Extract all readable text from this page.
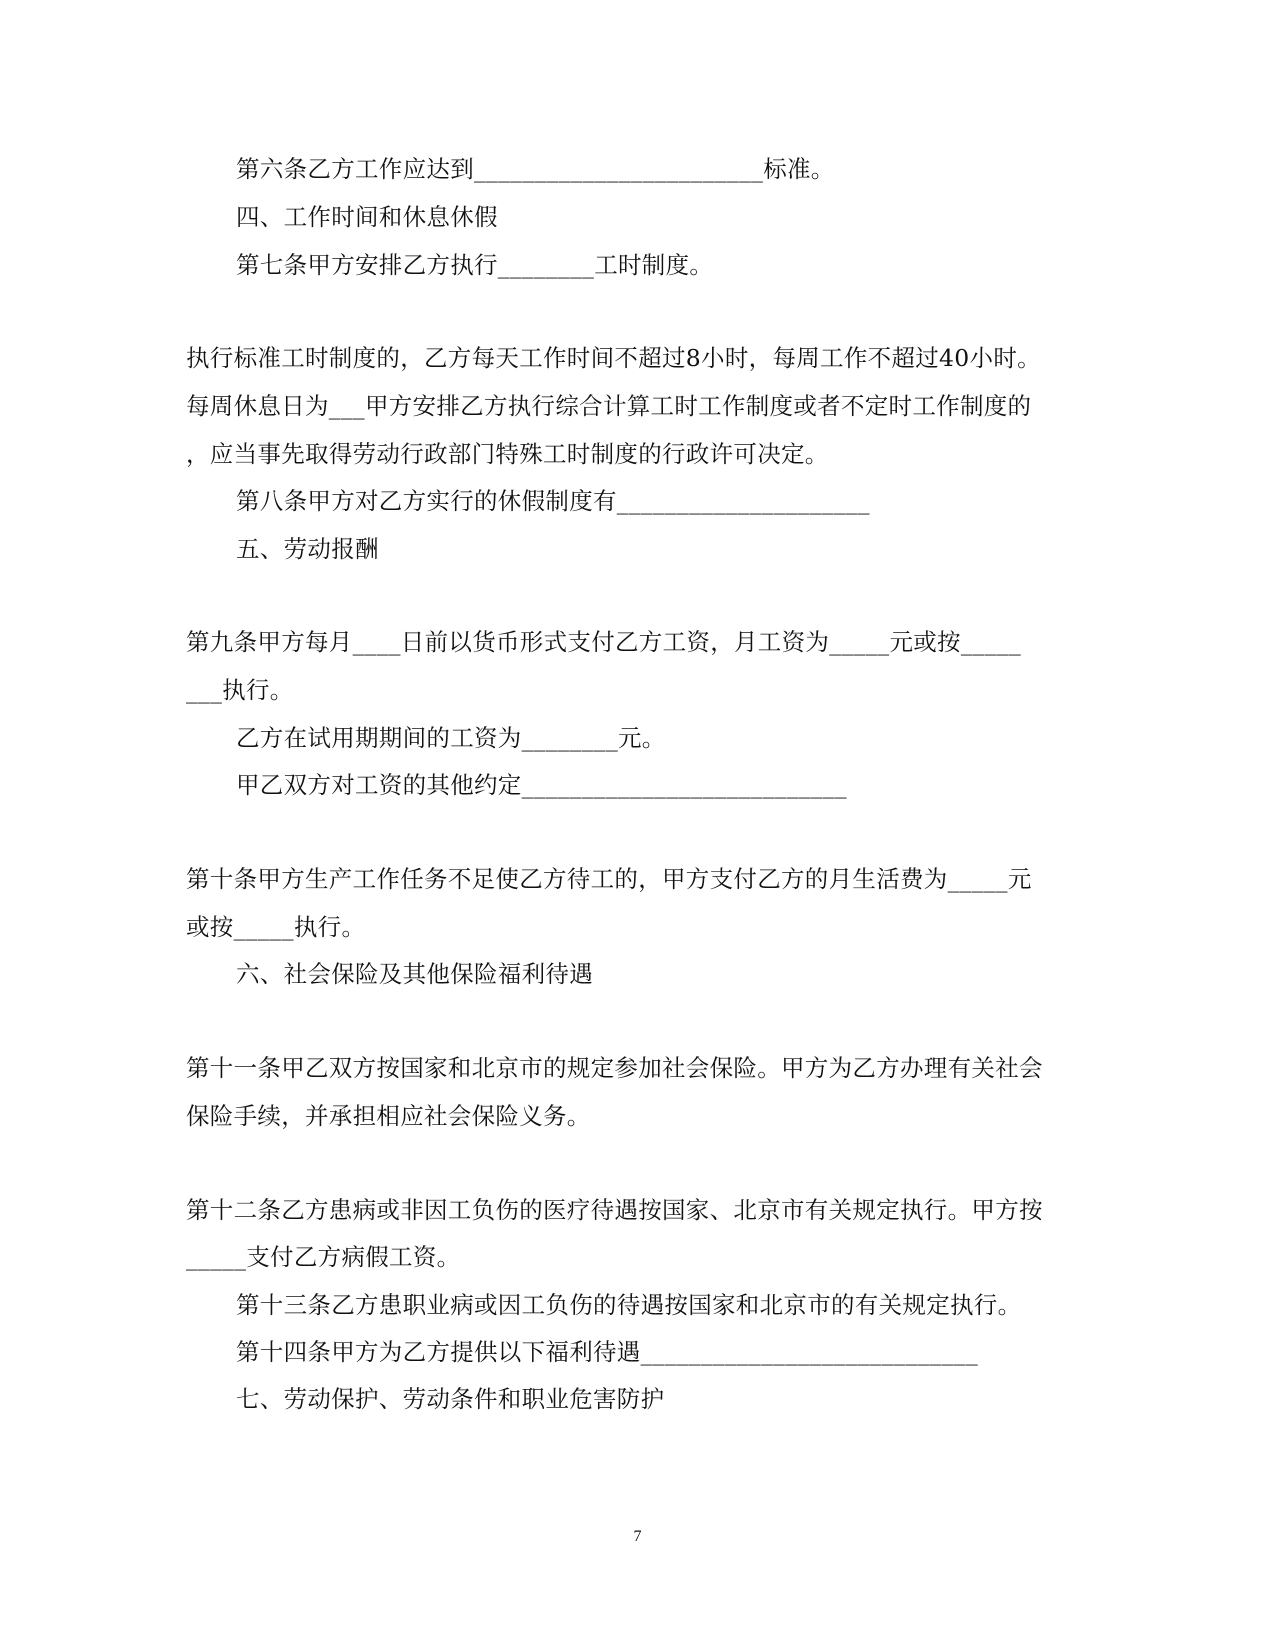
第六条乙方工作应达到________________________标准。
四、工作时间和休息休假
第七条甲方安排乙方执行________工时制度。
执行标准工时制度的，乙方每天工作时间不超过8小时，每周工作不超过40小时。
每周休息日为___甲方安排乙方执行综合计算工时工作制度或者不定时工作制度的
，应当事先取得劳动行政部门特殊工时制度的行政许可决定。
第八条甲方对乙方实行的休假制度有_____________________
五、劳动报酬
第九条甲方每月____日前以货币形式支付乙方工资，月工资为_____元或按_____
___执行。
乙方在试用期期间的工资为________元。
甲乙双方对工资的其他约定___________________________
第十条甲方生产工作任务不足使乙方待工的，甲方支付乙方的月生活费为_____元
或按_____执行。
六、社会保险及其他保险福利待遇
第十一条甲乙双方按国家和北京市的规定参加社会保险。甲方为乙方办理有关社会
保险手续，并承担相应社会保险义务。
第十二条乙方患病或非因工负伤的医疗待遇按国家、北京市有关规定执行。甲方按
_____支付乙方病假工资。
第十三条乙方患职业病或因工负伤的待遇按国家和北京市的有关规定执行。
第十四条甲方为乙方提供以下福利待遇____________________________
七、劳动保护、劳动条件和职业危害防护
7
